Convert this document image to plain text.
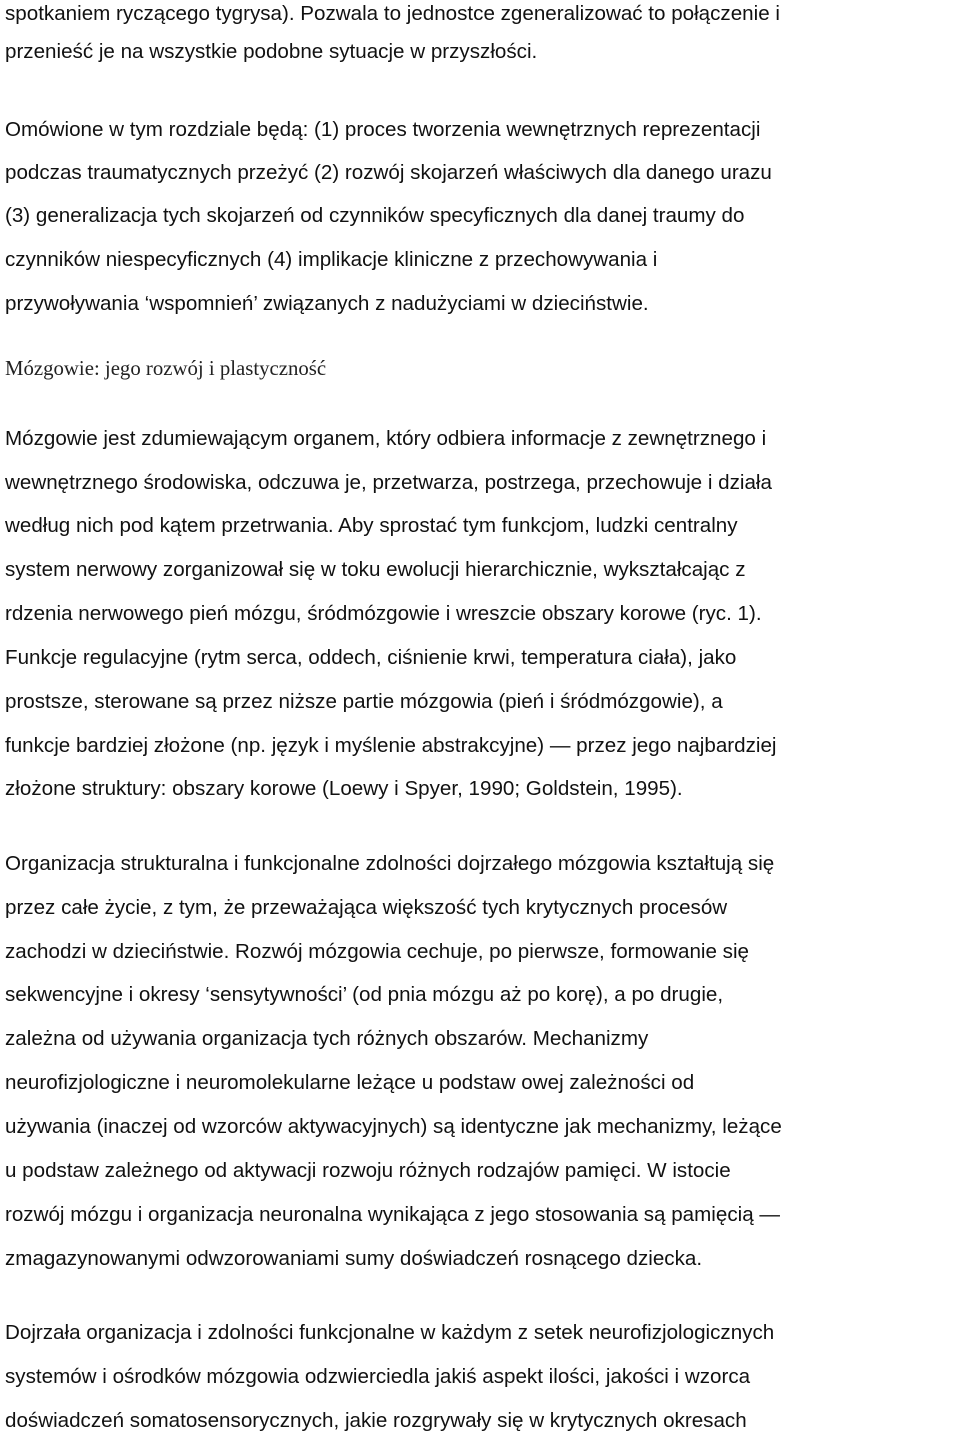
spotkaniem ryczącego tygrysa). Pozwala to jednostce zgeneralizować to połączenie i
przenieść je na wszystkie podobne sytuacje w przyszłości.
Omówione w tym rozdziale będą: (1) proces tworzenia wewnętrznych reprezentacji
podczas traumatycznych przeżyć (2) rozwój skojarzeń właściwych dla danego urazu
(3) generalizacja tych skojarzeń od czynników specyficznych dla danej traumy do
czynników niespecyficznych (4) implikacje kliniczne z przechowywania i
przywoływania ‘wspomnień’ związanych z nadużyciami w dzieciństwie.
Mózgowie: jego rozwój i plastyczność
Mózgowie jest zdumiewającym organem, który odbiera informacje z zewnętrznego i
wewnętrznego środowiska, odczuwa je, przetwarza, postrzega, przechowuje i działa
według nich pod kątem przetrwania. Aby sprostać tym funkcjom, ludzki centralny
system nerwowy zorganizował się w toku ewolucji hierarchicznie, wykształcając z
rdzenia nerwowego pień mózgu, śródmózgowie i wreszcie obszary korowe (ryc. 1).
Funkcje regulacyjne (rytm serca, oddech, ciśnienie krwi, temperatura ciała), jako
prostsze, sterowane są przez niższe partie mózgowia (pień i śródmózgowie), a
funkcje bardziej złożone (np. język i myślenie abstrakcyjne) ― przez jego najbardziej
złożone struktury: obszary korowe (Loewy i Spyer, 1990; Goldstein, 1995).
Organizacja strukturalna i funkcjonalne zdolności dojrzałego mózgowia kształtują się
przez całe życie, z tym, że przeważająca większość tych krytycznych procesów
zachodzi w dzieciństwie. Rozwój mózgowia cechuje, po pierwsze, formowanie się
sekwencyjne i okresy ‘sensytywności’ (od pnia mózgu aż po korę), a po drugie,
zależna od używania organizacja tych różnych obszarów. Mechanizmy
neurofizjologiczne i neuromolekularne leżące u podstaw owej zależności od
używania (inaczej od wzorców aktywacyjnych) są identyczne jak mechanizmy, leżące
u podstaw zależnego od aktywacji rozwoju różnych rodzajów pamięci. W istocie
rozwój mózgu i organizacja neuronalna wynikająca z jego stosowania są pamięcią ―
zmagazynowanymi odwzorowaniami sumy doświadczeń rosnącego dziecka.
Dojrzała organizacja i zdolności funkcjonalne w każdym z setek neurofizjologicznych
systemów i ośrodków mózgowia odzwierciedla jakiś aspekt ilości, jakości i wzorca
doświadczeń somatosensorycznych, jakie rozgrywały się w krytycznych okresach
